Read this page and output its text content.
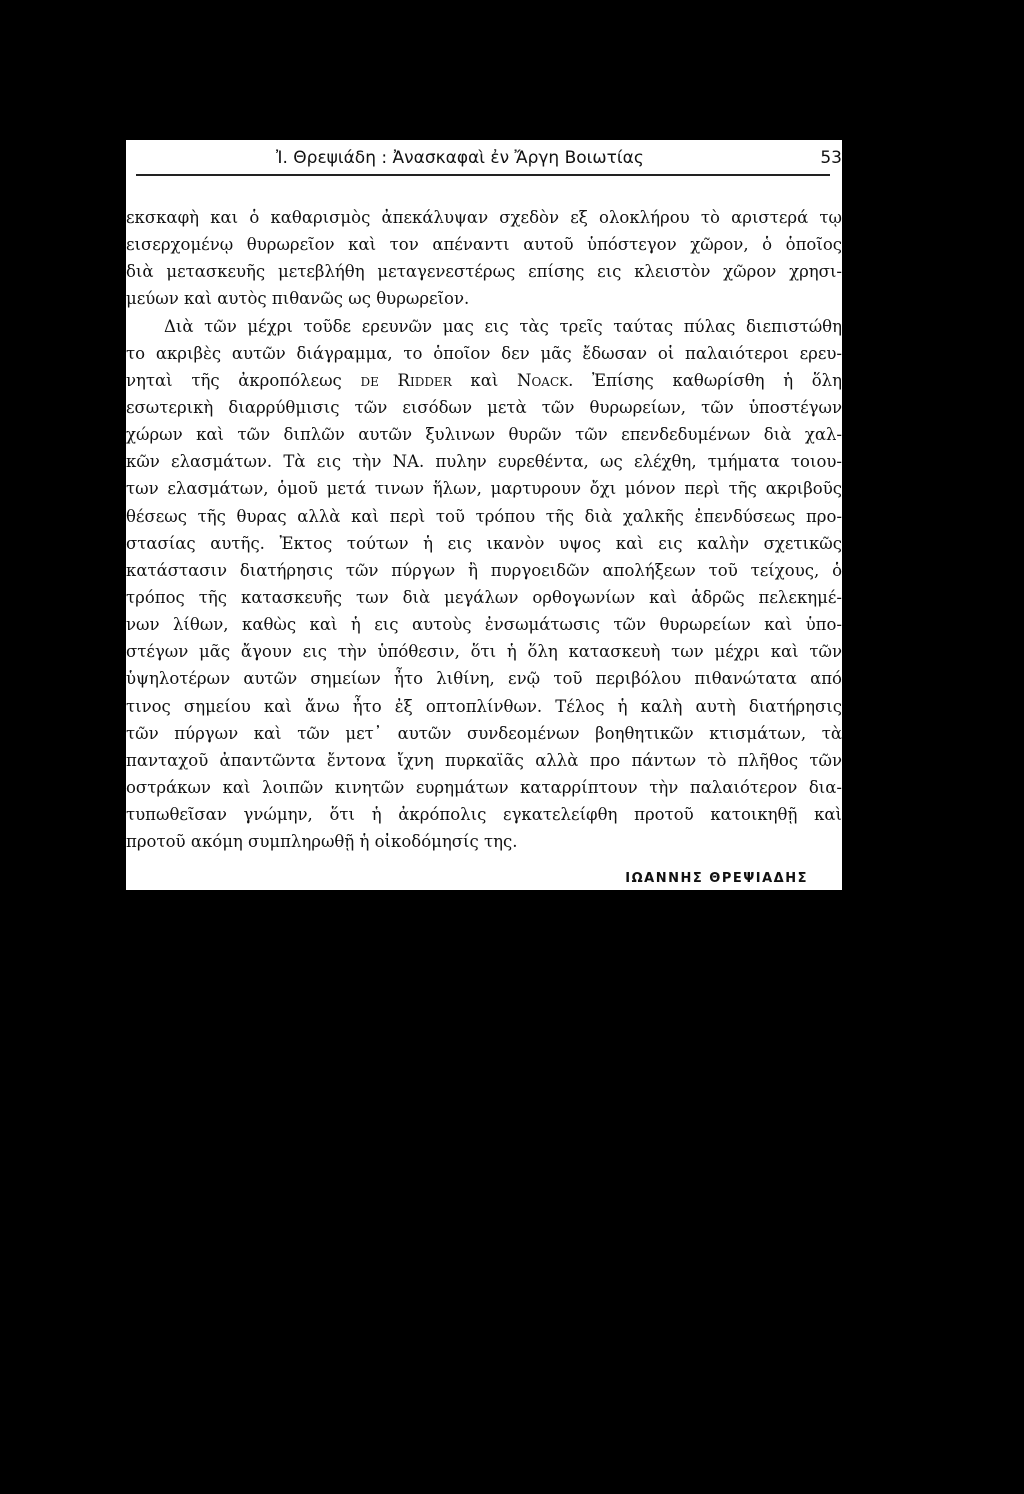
Ἰ. Θρεψιάδη : Ἀνασκαφαὶ ἐν Ἄργη Βοιωτίας	53
εκσκαφὴ και ὁ καθαρισμὸς ἀπεκάλυψαν σχεδὸν εξ ολοκλήρου τὸ αριστερά τῳ
εισερχομένῳ θυρωρεῖον καὶ τον απέναντι αυτοῦ ὑπόστεγον χῶρον, ὁ ὁποῖος
διὰ μετασκευῆς μετεβλήθη μεταγενεστέρως επίσης εις κλειστὸν χῶρον χρησι-
μεύων καὶ αυτὸς πιθανῶς ως θυρωρεῖον.
Διὰ τῶν μέχρι τοῦδε ερευνῶν μας εις τὰς τρεῖς ταύτας πύλας διεπιστώθη
το ακριβὲς αυτῶν διάγραμμα, το ὁποῖον δεν μᾶς ἔδωσαν οἱ παλαιότεροι ερευ-
νηταὶ τῆς ἀκροπόλεως de Ridder καὶ Noack. Ἐπίσης καθωρίσθη ἡ ὅλη
εσωτερικὴ διαρρύθμισις τῶν εισόδων μετὰ τῶν θυρωρείων, τῶν ὑποστέγων
χώρων καὶ τῶν διπλῶν αυτῶν ξυλινων θυρῶν τῶν επενδεδυμένων διὰ χαλ-
κῶν ελασμάτων. Τὰ εις τὴν ΝΑ. πυλην ευρεθέντα, ως ελέχθη, τμήματα τοιου-
των ελασμάτων, ὁμοῦ μετά τινων ἥλων, μαρτυρουν ὄχι μόνον περὶ τῆς ακριβοῦς
θέσεως τῆς θυρας αλλὰ καὶ περὶ τοῦ τρόπου τῆς διὰ χαλκῆς ἐπενδύσεως προ-
στασίας αυτῆς. Ἐκτος τούτων ἡ εις ικανὸν υψος καὶ εις καλὴν σχετικῶς
κατάστασιν διατήρησις τῶν πύργων ἢ πυργοειδῶν απολήξεων τοῦ τείχους, ὁ
τρόπος τῆς κατασκευῆς των διὰ μεγάλων ορθογωνίων καὶ ἁδρῶς πελεκημέ-
νων λίθων, καθὼς καὶ ἡ εις αυτοὺς ἐνσωμάτωσις τῶν θυρωρείων καὶ ὑπο-
στέγων μᾶς ἄγουν εις τὴν ὑπόθεσιν, ὅτι ἡ ὅλη κατασκευὴ των μέχρι καὶ τῶν
ὑψηλοτέρων αυτῶν σημείων ἦτο λιθίνη, ενῷ τοῦ περιβόλου πιθανώτατα από
τινος σημείου καὶ ἄνω ἦτο ἐξ οπτοπλίνθων. Τέλος ἡ καλὴ αυτὴ διατήρησις
τῶν πύργων καὶ τῶν μετ᾽ αυτῶν συνδεομένων βοηθητικῶν κτισμάτων, τὰ
πανταχοῦ ἀπαντῶντα ἔντονα ἴχνη πυρκαϊᾶς αλλὰ προ πάντων τὸ πλῆθος τῶν
οστράκων καὶ λοιπῶν κινητῶν ευρημάτων καταρρίπτουν τὴν παλαιότερον δια-
τυπωθεῖσαν γνώμην, ὅτι ἡ ἀκρόπολις εγκατελείφθη προτοῦ κατοικηθῇ καὶ
προτοῦ ακόμη συμπληρωθῇ ἡ οἰκοδόμησίς της.
ΙΩΑΝΝΗΣ ΘΡΕΨΙΑΔΗΣ
